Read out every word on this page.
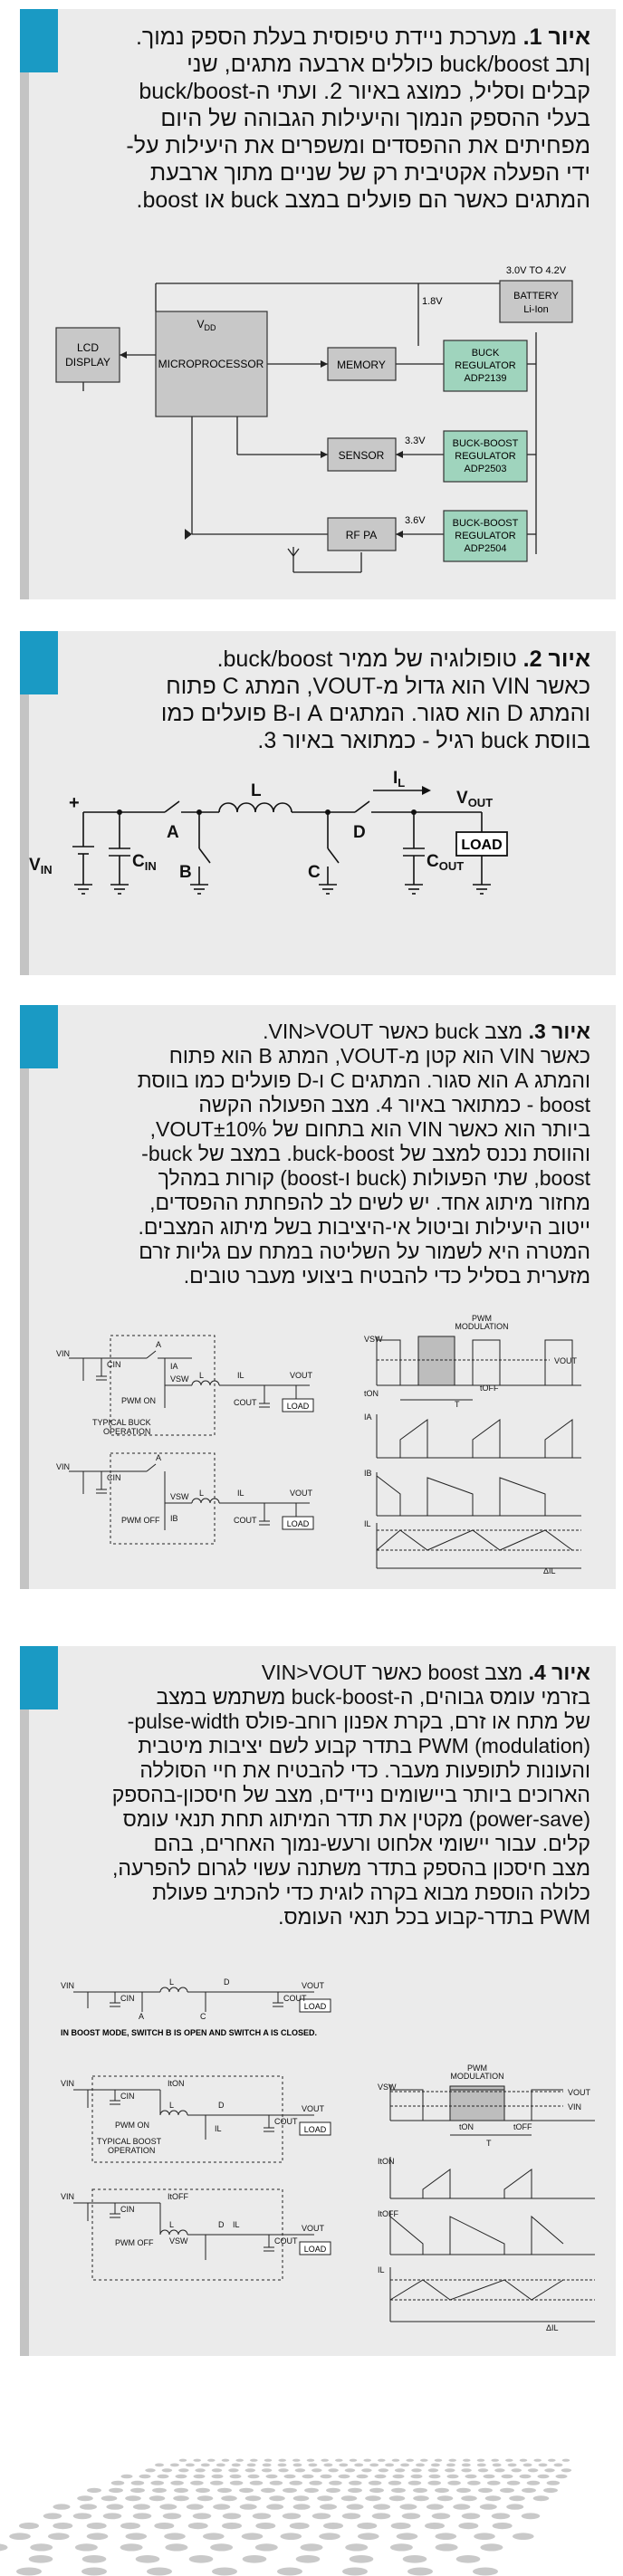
איור 1. מערכת ניידת טיפוסית בעלת הספק נמוך.
ןתב buck/boost כוללים ארבעה מתגים, שני
קבלים וסליל, כמוצג באיור 2. ועתי ה-buck/boost
בעלי ההספק הנמוך והיעילות הגבוהה של היום
מפחיתים את ההפסדים ומשפרים את היעילות על-
ידי הפעלה אקטיבית רק של שניים מתוך ארבעת
המתגים כאשר הם פועלים במצב buck או boost.
LCD
DISPLAY
$V_{DD}$
MICROPROCESSOR	MEMORY
SENSOR
RF PA
1.8V
3.3V
3.6V
BUCK
REGULATOR
ADP2139
BUCK-BOOST
REGULATOR
ADP2503
BUCK-BOOST
REGULATOR
ADP2504
3.0V TO 4.2V
BATTERY
Li-Ion
איור 2. טופולוגיה של ממיר buck/boost.
כאשר VIN הוא גדול מ-VOUT, המתג C פתוח
והמתג D הוא סגור. המתגים A ו-B פועלים כמו
בווסת buck רגיל - כמתואר באיור 3.
LOAD
+
$V_{IN}$	$C_{IN}$
A
B
L
C
D
$I_L$
$V_{OUT}$
$C_{OUT}$
איור 3. מצב buck כאשר VIN>VOUT.
כאשר VIN הוא קטן מ-VOUT, המתג B הוא פתוח
והמתג A הוא סגור. המתגים C ו-D פועלים כמו בווסת
boost - כמתואר באיור 4. מצב הפעולה הקשה
ביותר הוא כאשר VIN הוא בתחום של VOUT±10%,
והווסת נכנס למצב של buck-boost. במצב של buck-
boost, שתי הפעולות (buck ו-boost) קורות במהלך
מחזור מיתוג אחד. יש לשים לב להפחתת ההפסדים,
ייטוב היעילות וביטול אי-היציבות בשל מיתוג המצבים.
המטרה היא לשמור על השליטה במתח עם גליות זרם
מזערית בסליל כדי להבטיח ביצועי מעבר טובים.
LOAD
LOAD
VIN
CIN
A
IA
VSW L	IL	VOUT
COUT
PWM ON
TYPICAL BUCK
OPERATION
VIN
CIN
A
VSW
IB
L	IL	VOUT
COUT
PWM OFF
PWM
MODULATION
VSW
VOUT
tON
tOFF
T
IA
IB
IL
ΔIL
איור 4. מצב boost כאשר VIN>VOUT
בזרמי עומס גבוהים, ה-buck-boost משתמש במצב
של מתח או זרם, בקרת אפנון רוחב-פולס pulse-width-
(modulation) PWM בתדר קבוע לשם יציבות מיטבית
והעונות לתופעות מעבר. כדי להבטיח את חיי הסוללה
הארוכים ביותר ביישומים ניידים, מצב של חיסכון-בהספק
(power-save) מקטין את תדר המיתוג תחת תנאי עומס
קלים. עבור יישומי אלחוט ורעש-נמוך האחרים, בהם
מצב חיסכון בהספק בתדר משתנה עשוי לגרום להפרעה,
כלולה הוספת מבוא בקרה לוגית כדי להכתיב פעולת
PWM בתדר-קבוע בכל תנאי העומס.
LOAD
LOAD
LOAD
IN BOOST MODE, SWITCH B IS OPEN AND SWITCH A IS CLOSED.
VIN
CIN
A
L
C
D
COUT
VOUT
VIN
CIN
ItON
L	D
COUT
VOUT
IL
PWM ON
TYPICAL BOOST
OPERATION
VIN
CIN
ItOFF
L
VSW
D
COUT
VOUT
IL
PWM OFF
PWM
MODULATION
VSW
VOUT
VIN
tON	tOFF
T
ItON
ItOFF
IL
ΔIL
